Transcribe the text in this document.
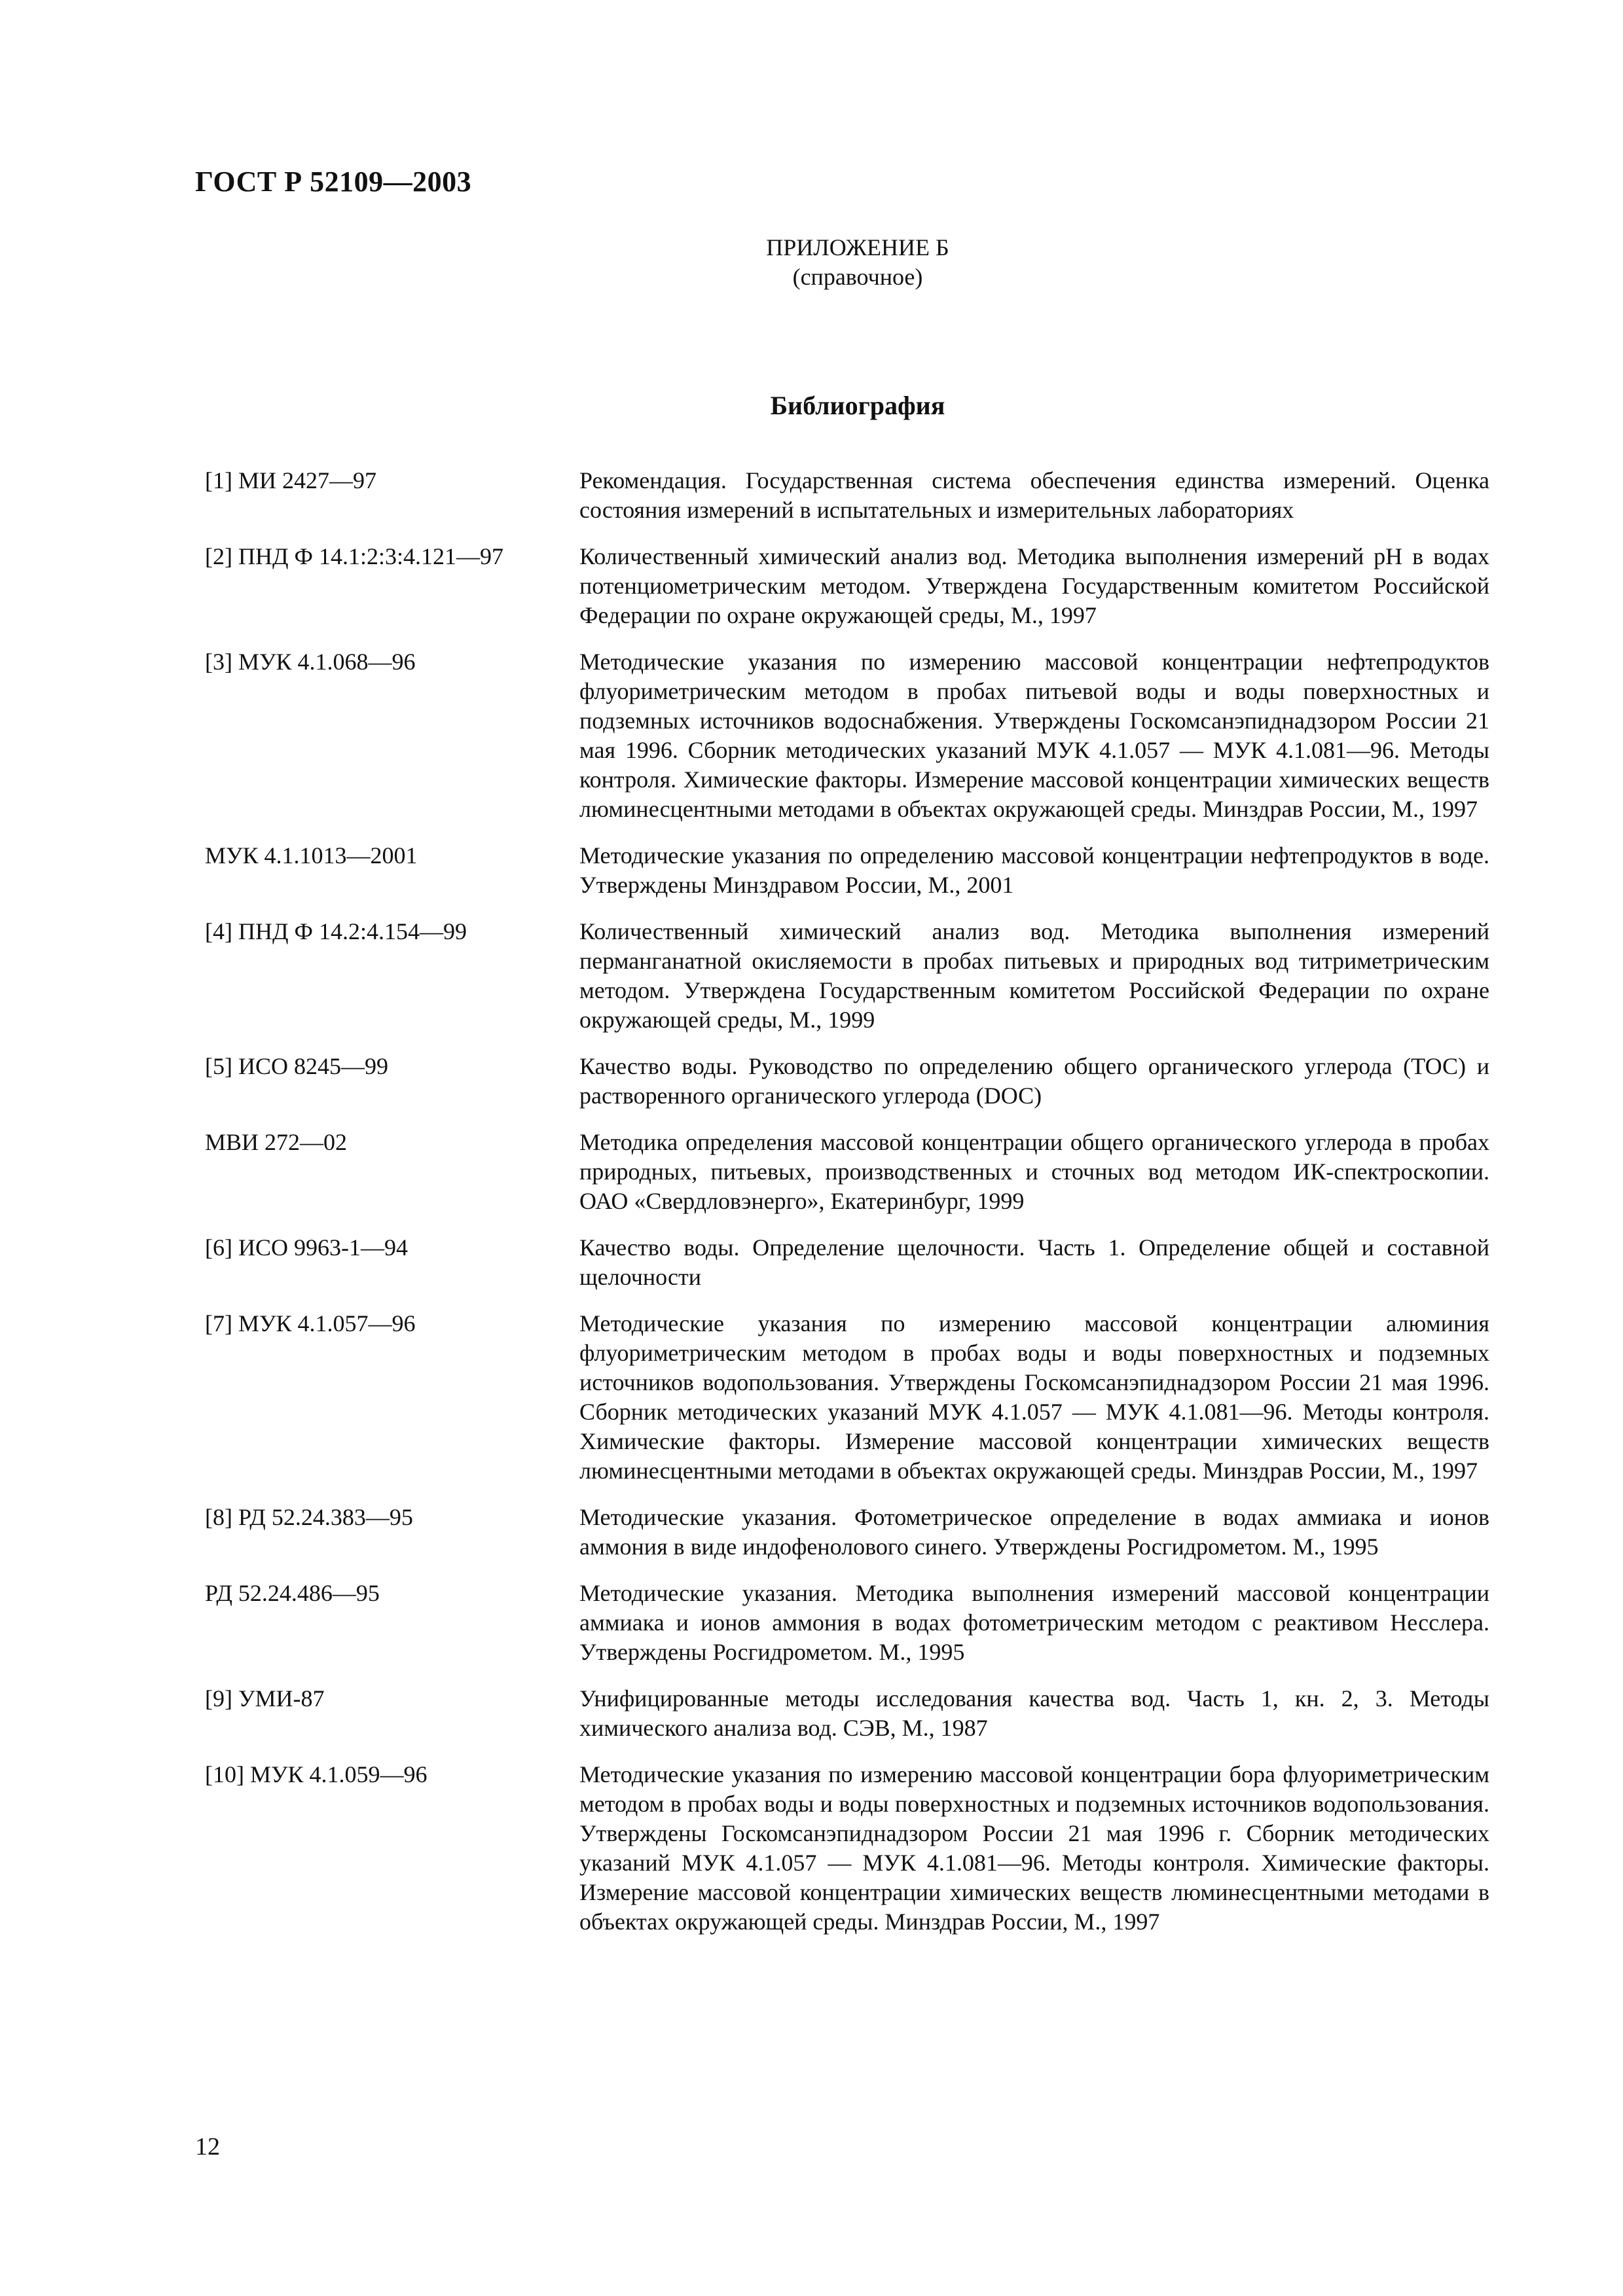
ГОСТ Р 52109—2003
ПРИЛОЖЕНИЕ Б
(справочное)
Библиография
[1] МИ 2427—97	Рекомендация. Государственная система обеспечения единства измерений. Оценка состояния измерений в испытательных и измерительных лабораториях
[2] ПНД Ф 14.1:2:3:4.121—97	Количественный химический анализ вод. Методика выполнения измерений pH в водах потенциометрическим методом. Утверждена Государственным комитетом Российской Федерации по охране окружающей среды, М., 1997
[3] МУК 4.1.068—96	Методические указания по измерению массовой концентрации нефтепродуктов флуориметрическим методом в пробах питьевой воды и воды поверхностных и подземных источников водоснабжения. Утверждены Госкомсанэпиднадзором России 21 мая 1996. Сборник методических указаний МУК 4.1.057 — МУК 4.1.081—96. Методы контроля. Химические факторы. Измерение массовой концентрации химических веществ люминесцентными методами в объектах окружающей среды. Минздрав России, М., 1997
МУК 4.1.1013—2001	Методические указания по определению массовой концентрации нефтепродуктов в воде. Утверждены Минздравом России, М., 2001
[4] ПНД Ф 14.2:4.154—99	Количественный химический анализ вод. Методика выполнения измерений перманганатной окисляемости в пробах питьевых и природных вод титриметрическим методом. Утверждена Государственным комитетом Российской Федерации по охране окружающей среды, М., 1999
[5] ИСО 8245—99	Качество воды. Руководство по определению общего органического углерода (ТОС) и растворенного органического углерода (DОС)
МВИ 272—02	Методика определения массовой концентрации общего органического углерода в пробах природных, питьевых, производственных и сточных вод методом ИК-спектроскопии. ОАО «Свердловэнерго», Екатеринбург, 1999
[6] ИСО 9963-1—94	Качество воды. Определение щелочности. Часть 1. Определение общей и составной щелочности
[7] МУК 4.1.057—96	Методические указания по измерению массовой концентрации алюминия флуориметрическим методом в пробах воды и воды поверхностных и подземных источников водопользования. Утверждены Госкомсанэпиднадзором России 21 мая 1996. Сборник методических указаний МУК 4.1.057 — МУК 4.1.081—96. Методы контроля. Химические факторы. Измерение массовой концентрации химических веществ люминесцентными методами в объектах окружающей среды. Минздрав России, М., 1997
[8] РД 52.24.383—95	Методические указания. Фотометрическое определение в водах аммиака и ионов аммония в виде индофенолового синего. Утверждены Росгидрометом. М., 1995
РД 52.24.486—95	Методические указания. Методика выполнения измерений массовой концентрации аммиака и ионов аммония в водах фотометрическим методом с реактивом Несслера. Утверждены Росгидрометом. М., 1995
[9] УМИ-87	Унифицированные методы исследования качества вод. Часть 1, кн. 2, 3. Методы химического анализа вод. СЭВ, М., 1987
[10] МУК 4.1.059—96	Методические указания по измерению массовой концентрации бора флуориметрическим методом в пробах воды и воды поверхностных и подземных источников водопользования. Утверждены Госкомсанэпиднадзором России 21 мая 1996 г. Сборник методических указаний МУК 4.1.057 — МУК 4.1.081—96. Методы контроля. Химические факторы. Измерение массовой концентрации химических веществ люминесцентными методами в объектах окружающей среды. Минздрав России, М., 1997
12
